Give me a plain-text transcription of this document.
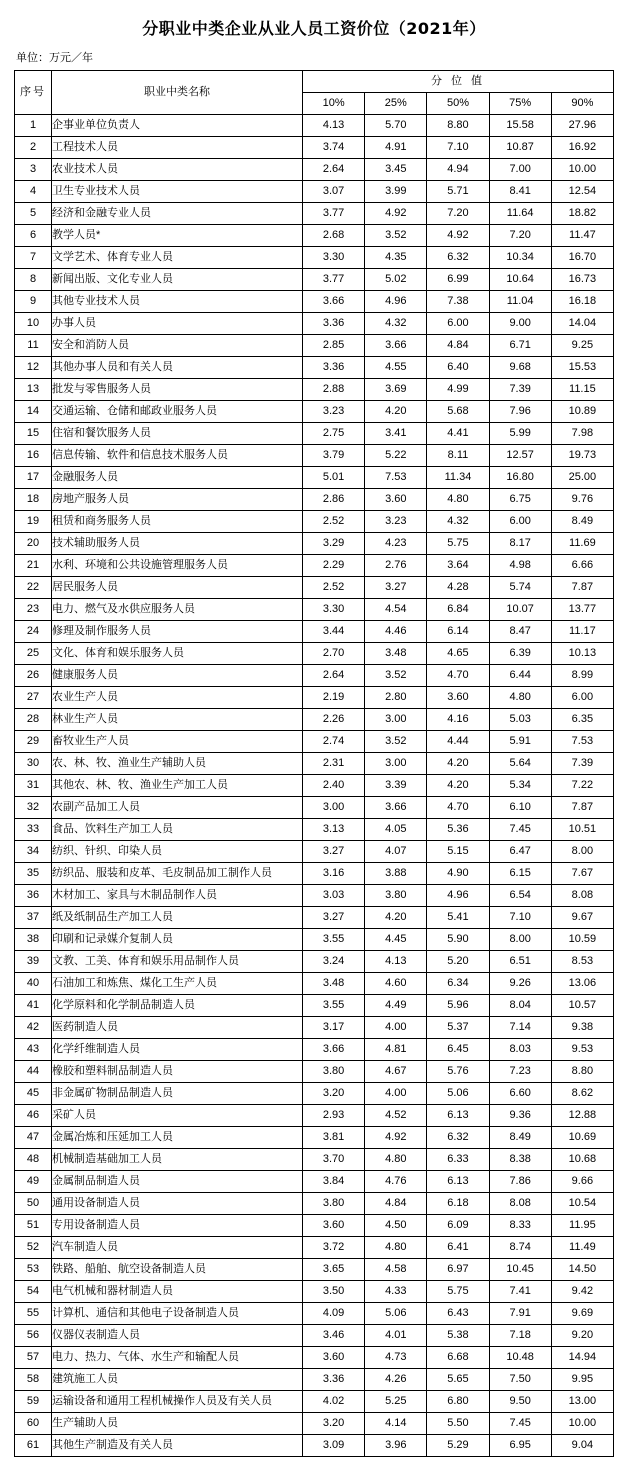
分职业中类企业从业人员工资价位（2021年）
单位：万元／年
序号	职业中类名称	分 位 值				
		10%	25%	50%	75%	90%
1	企事业单位负责人	4.13	5.70	8.80	15.58	27.96
2	工程技术人员	3.74	4.91	7.10	10.87	16.92
3	农业技术人员	2.64	3.45	4.94	7.00	10.00
4	卫生专业技术人员	3.07	3.99	5.71	8.41	12.54
5	经济和金融专业人员	3.77	4.92	7.20	11.64	18.82
6	教学人员*	2.68	3.52	4.92	7.20	11.47
7	文学艺术、体育专业人员	3.30	4.35	6.32	10.34	16.70
8	新闻出版、文化专业人员	3.77	5.02	6.99	10.64	16.73
9	其他专业技术人员	3.66	4.96	7.38	11.04	16.18
10	办事人员	3.36	4.32	6.00	9.00	14.04
11	安全和消防人员	2.85	3.66	4.84	6.71	9.25
12	其他办事人员和有关人员	3.36	4.55	6.40	9.68	15.53
13	批发与零售服务人员	2.88	3.69	4.99	7.39	11.15
14	交通运输、仓储和邮政业服务人员	3.23	4.20	5.68	7.96	10.89
15	住宿和餐饮服务人员	2.75	3.41	4.41	5.99	7.98
16	信息传输、软件和信息技术服务人员	3.79	5.22	8.11	12.57	19.73
17	金融服务人员	5.01	7.53	11.34	16.80	25.00
18	房地产服务人员	2.86	3.60	4.80	6.75	9.76
19	租赁和商务服务人员	2.52	3.23	4.32	6.00	8.49
20	技术辅助服务人员	3.29	4.23	5.75	8.17	11.69
21	水利、环境和公共设施管理服务人员	2.29	2.76	3.64	4.98	6.66
22	居民服务人员	2.52	3.27	4.28	5.74	7.87
23	电力、燃气及水供应服务人员	3.30	4.54	6.84	10.07	13.77
24	修理及制作服务人员	3.44	4.46	6.14	8.47	11.17
25	文化、体育和娱乐服务人员	2.70	3.48	4.65	6.39	10.13
26	健康服务人员	2.64	3.52	4.70	6.44	8.99
27	农业生产人员	2.19	2.80	3.60	4.80	6.00
28	林业生产人员	2.26	3.00	4.16	5.03	6.35
29	畜牧业生产人员	2.74	3.52	4.44	5.91	7.53
30	农、林、牧、渔业生产辅助人员	2.31	3.00	4.20	5.64	7.39
31	其他农、林、牧、渔业生产加工人员	2.40	3.39	4.20	5.34	7.22
32	农副产品加工人员	3.00	3.66	4.70	6.10	7.87
33	食品、饮料生产加工人员	3.13	4.05	5.36	7.45	10.51
34	纺织、针织、印染人员	3.27	4.07	5.15	6.47	8.00
35	纺织品、服装和皮革、毛皮制品加工制作人员	3.16	3.88	4.90	6.15	7.67
36	木材加工、家具与木制品制作人员	3.03	3.80	4.96	6.54	8.08
37	纸及纸制品生产加工人员	3.27	4.20	5.41	7.10	9.67
38	印刷和记录媒介复制人员	3.55	4.45	5.90	8.00	10.59
39	文教、工美、体育和娱乐用品制作人员	3.24	4.13	5.20	6.51	8.53
40	石油加工和炼焦、煤化工生产人员	3.48	4.60	6.34	9.26	13.06
41	化学原料和化学制品制造人员	3.55	4.49	5.96	8.04	10.57
42	医药制造人员	3.17	4.00	5.37	7.14	9.38
43	化学纤维制造人员	3.66	4.81	6.45	8.03	9.53
44	橡胶和塑料制品制造人员	3.80	4.67	5.76	7.23	8.80
45	非金属矿物制品制造人员	3.20	4.00	5.06	6.60	8.62
46	采矿人员	2.93	4.52	6.13	9.36	12.88
47	金属冶炼和压延加工人员	3.81	4.92	6.32	8.49	10.69
48	机械制造基础加工人员	3.70	4.80	6.33	8.38	10.68
49	金属制品制造人员	3.84	4.76	6.13	7.86	9.66
50	通用设备制造人员	3.80	4.84	6.18	8.08	10.54
51	专用设备制造人员	3.60	4.50	6.09	8.33	11.95
52	汽车制造人员	3.72	4.80	6.41	8.74	11.49
53	铁路、船舶、航空设备制造人员	3.65	4.58	6.97	10.45	14.50
54	电气机械和器材制造人员	3.50	4.33	5.75	7.41	9.42
55	计算机、通信和其他电子设备制造人员	4.09	5.06	6.43	7.91	9.69
56	仪器仪表制造人员	3.46	4.01	5.38	7.18	9.20
57	电力、热力、气体、水生产和输配人员	3.60	4.73	6.68	10.48	14.94
58	建筑施工人员	3.36	4.26	5.65	7.50	9.95
59	运输设备和通用工程机械操作人员及有关人员	4.02	5.25	6.80	9.50	13.00
60	生产辅助人员	3.20	4.14	5.50	7.45	10.00
61	其他生产制造及有关人员	3.09	3.96	5.29	6.95	9.04
